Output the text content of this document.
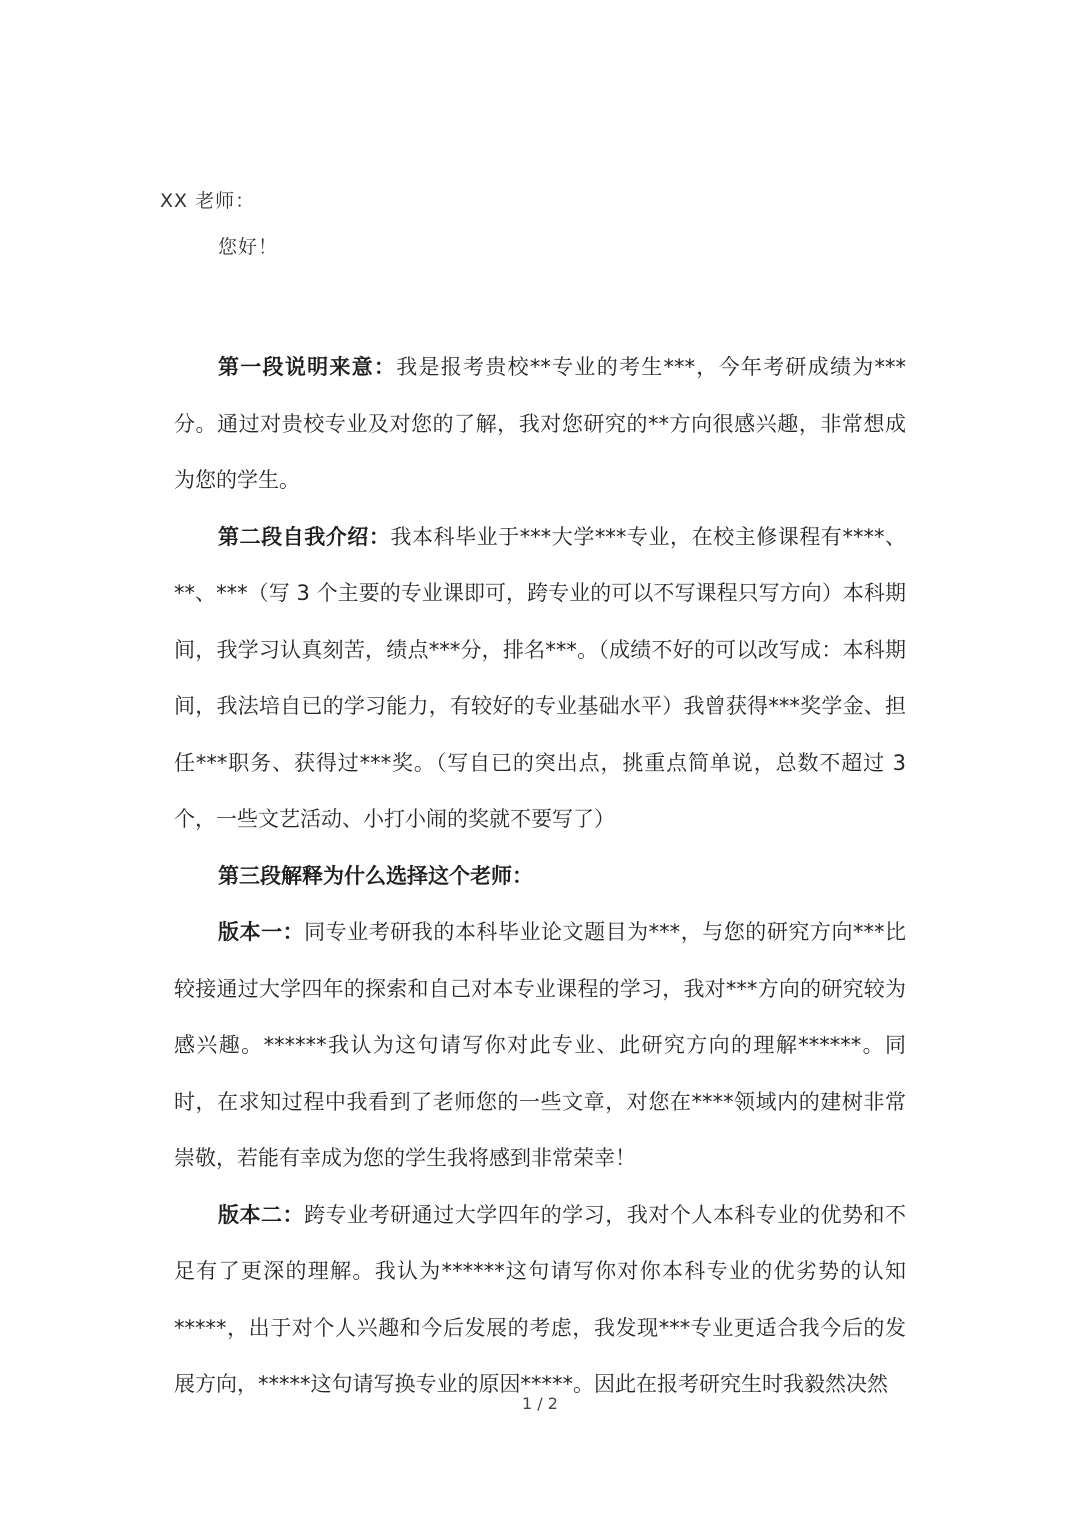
XX 老师：
您好！

第一段说明来意：我是报考贵校**专业的考生***，今年考研成绩为***分。通过对贵校专业及对您的了解，我对您研究的**方向很感兴趣，非常想成为您的学生。

第二段自我介绍：我本科毕业于***大学***专业，在校主修课程有****、**、***（写 3 个主要的专业课即可，跨专业的可以不写课程只写方向）本科期间，我学习认真刻苦，绩点***分，排名***。（成绩不好的可以改写成：本科期间，我法培自已的学习能力，有较好的专业基础水平）我曾获得***奖学金、担任***职务、获得过***奖。（写自已的突出点，挑重点简单说，总数不超过 3 个，一些文艺活动、小打小闹的奖就不要写了）

第三段解释为什么选择这个老师：

版本一：同专业考研我的本科毕业论文题目为***，与您的研究方向***比较接通过大学四年的探索和自己对本专业课程的学习，我对***方向的研究较为感兴趣。******我认为这句请写你对此专业、此研究方向的理解******。同时，在求知过程中我看到了老师您的一些文章，对您在****领域内的建树非常崇敬，若能有幸成为您的学生我将感到非常荣幸！

版本二：跨专业考研通过大学四年的学习，我对个人本科专业的优势和不足有了更深的理解。我认为******这句请写你对你本科专业的优劣势的认知*****，出于对个人兴趣和今后发展的考虑，我发现***专业更适合我今后的发展方向，*****这句请写换专业的原因*****。因此在报考研究生时我毅然决然

1 / 2
